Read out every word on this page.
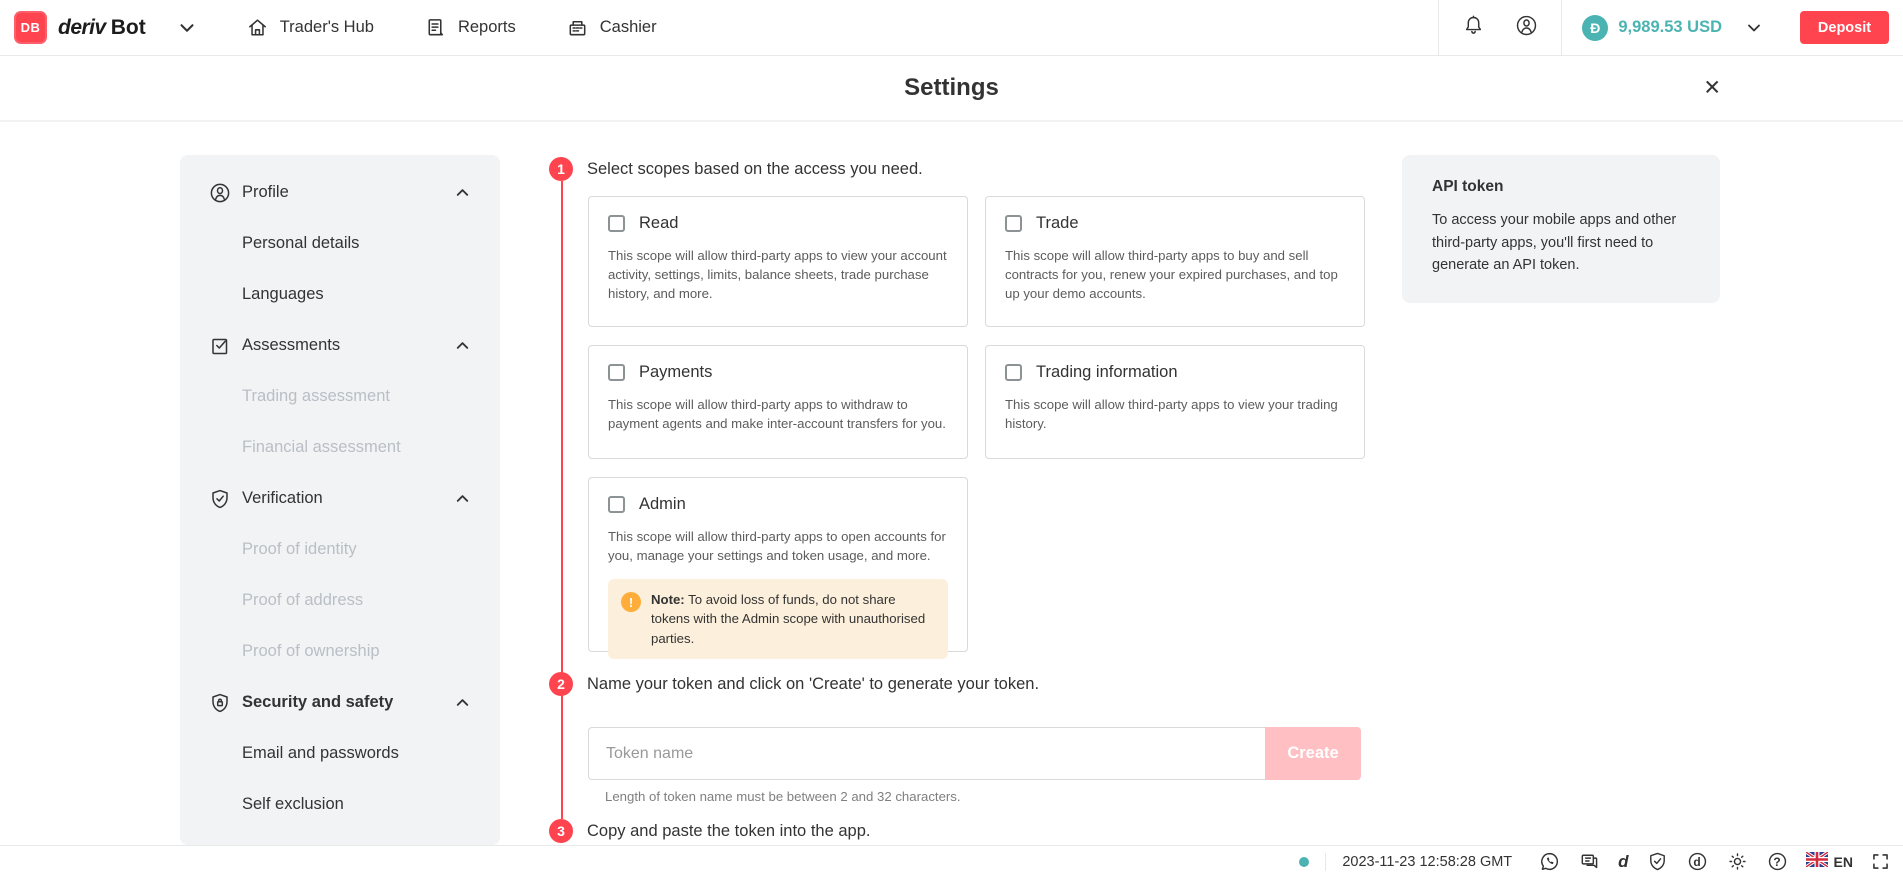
DB deriv Bot	Trader's Hub	Reports	Cashier	Đ	9,989.53 USD	Deposit
Settings	✕
Profile
Personal details
Languages
Assessments
Trading assessment
Financial assessment
Verification
Proof of identity
Proof of address
Proof of ownership
Security and safety
Email and passwords
Self exclusion
1	Select scopes based on the access you need.
Read
This scope will allow third-party apps to view your account activity, settings, limits, balance sheets, trade purchase history, and more.
Trade
This scope will allow third-party apps to buy and sell contracts for you, renew your expired purchases, and top up your demo accounts.
Payments
This scope will allow third-party apps to withdraw to payment agents and make inter-account transfers for you.
Trading information
This scope will allow third-party apps to view your trading history.
Admin
This scope will allow third-party apps to open accounts for you, manage your settings and token usage, and more.
!	Note: To avoid loss of funds, do not share tokens with the Admin scope with unauthorised parties.
2	Name your token and click on 'Create' to generate your token.
Token name
Create
Length of token name must be between 2 and 32 characters.
3	Copy and paste the token into the app.
API token
To access your mobile apps and other third-party apps, you'll first need to generate an API token.
2023-11-23 12:58:28 GMT	d	d	?	EN
